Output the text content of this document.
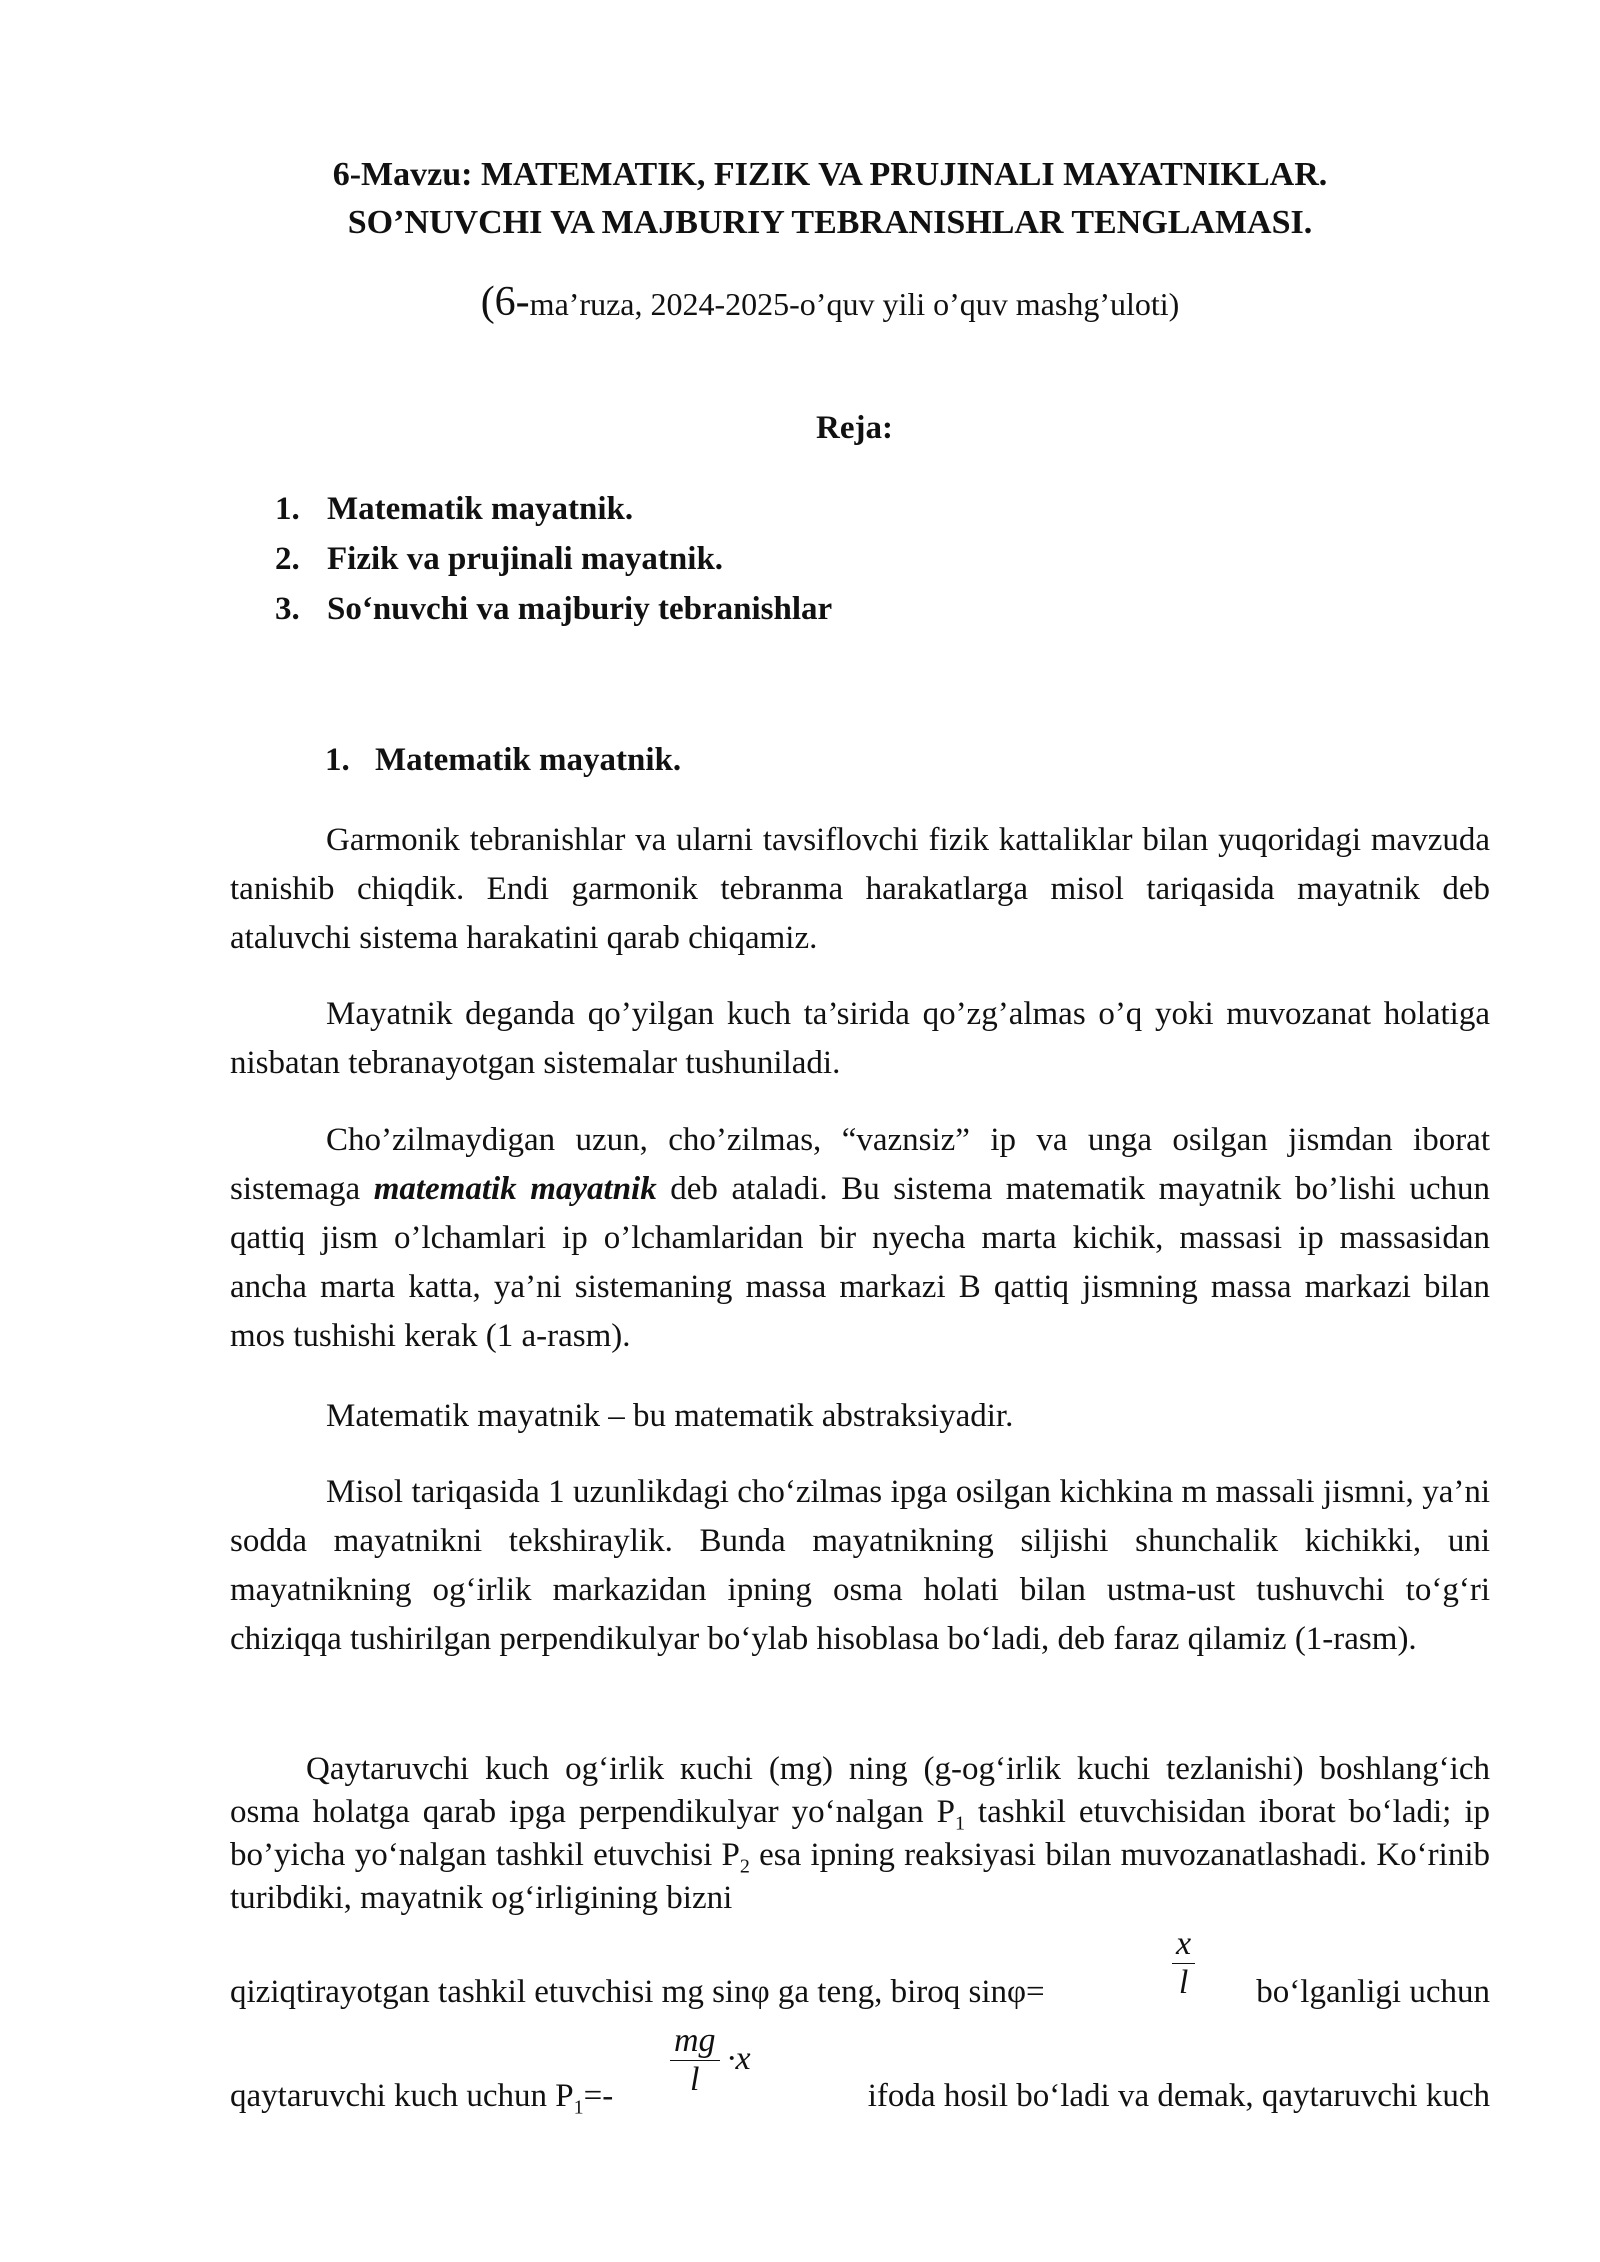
6-Mavzu: MATEMATIK, FIZIK VA PRUJINALI MAYATNIKLAR.
SO’NUVCHI VA MAJBURIY TEBRANISHLAR TENGLAMASI.
(6-ma’ruza, 2024-2025-o’quv yili o’quv mashg’uloti)
Reja:
1. Matematik mayatnik.
2. Fizik va prujinali mayatnik.
3. So‘nuvchi va majburiy tebranishlar
1. Matematik mayatnik.
Garmonik tebranishlar va ularni tavsiflovchi fizik kattaliklar bilan yuqoridagi mavzuda tanishib chiqdik. Endi garmonik tebranma harakatlarga misol tariqasida mayatnik deb ataluvchi sistema harakatini qarab chiqamiz.
Mayatnik deganda qo’yilgan kuch ta’sirida qo’zg’almas o’q yoki muvozanat holatiga nisbatan tebranayotgan sistemalar tushuniladi.
Cho’zilmaydigan uzun, cho’zilmas, “vaznsiz” ip va unga osilgan jismdan iborat sistemaga matematik mayatnik deb ataladi. Bu sistema matematik mayatnik bo’lishi uchun qattiq jism o’lchamlari ip o’lchamlaridan bir nyecha marta kichik, massasi ip massasidan ancha marta katta, ya’ni sistemaning massa markazi B qattiq jismning massa markazi bilan mos tushishi kerak (1 a-rasm).
Matematik mayatnik – bu matematik abstraksiyadir.
Misol tariqasida 1 uzunlikdagi cho‘zilmas ipga osilgan kichkina m massali jismni, ya’ni sodda mayatnikni tekshiraylik. Bunda mayatnikning siljishi shunchalik kichikki, uni mayatnikning og‘irlik markazidan ipning osma holati bilan ustma-ust tushuvchi to‘g‘ri chiziqqa tushirilgan perpendikulyar bo‘ylab hisoblasa bo‘ladi, deb faraz qilamiz (1-rasm).
Qaytaruvchi kuch og‘irlik кuchi (mg) ning (g-og‘irlik kuchi tezlanishi) boshlang‘ich osma holatga qarab ipga perpendikulyar yo‘nalgan $P_1$ tashkil etuvchisidan iborat bo‘ladi; ip bo’yicha yo‘nalgan tashkil etuvchisi $P_2$ esa ipning reaksiyasi bilan muvozanatlashadi. Ko‘rinib turibdiki, mayatnik og‘irligining bizni
qiziqtirayotgan tashkil etuvchisi mg sinφ ga teng, biroq sinφ=	bo‘lganligi uchun
$\frac{x}{l}$
qaytaruvchi kuch uchun $P_1=-$	ifoda hosil bo‘ladi va demak, qaytaruvchi kuch
$\frac{mg}{l} \cdot x$
